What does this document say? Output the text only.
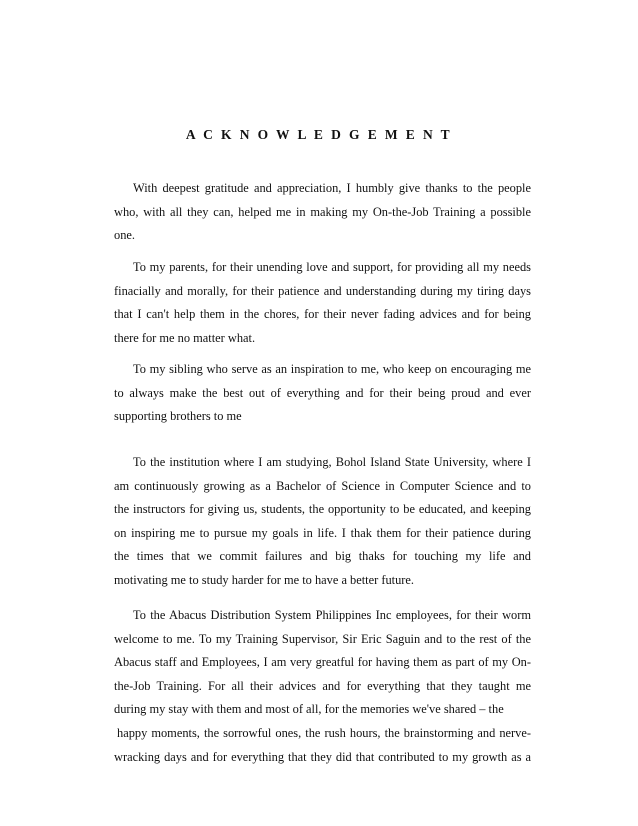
A C K N O W L E D G E M E N T

With deepest gratitude and appreciation, I humbly give thanks to the people
who, with all they can, helped me in making my On-the-Job Training a possible
one.

To my parents, for their unending love and support, for providing all my needs
finacially and morally, for their patience and understanding during my tiring days
that I can't help them in the chores, for their never fading advices and for being
there for me no matter what.

To my sibling who serve as an inspiration to me, who keep on encouraging me
to always make the best out of everything and for their being proud and ever
supporting brothers to me

To the institution where I am studying, Bohol Island State University, where I
am continuously growing as a Bachelor of Science in Computer Science and to
the instructors for giving us, students, the opportunity to be educated, and keeping
on inspiring me to pursue my goals in life. I thak them for their patience during
the times that we commit failures and big thaks for touching my life and
motivating me to study harder for me to have a better future.

To the Abacus Distribution System Philippines Inc employees, for their worm
welcome to me. To my Training Supervisor, Sir Eric Saguin and to the rest of the
Abacus staff and Employees, I am very greatful for having them as part of my On-
the-Job Training. For all their advices and for everything that they taught me
during my stay with them and most of all, for the memories we've shared – the
happy moments, the sorrowful ones, the rush hours, the brainstorming and nerve-
wracking days and for everything that they did that contributed to my growth as a
